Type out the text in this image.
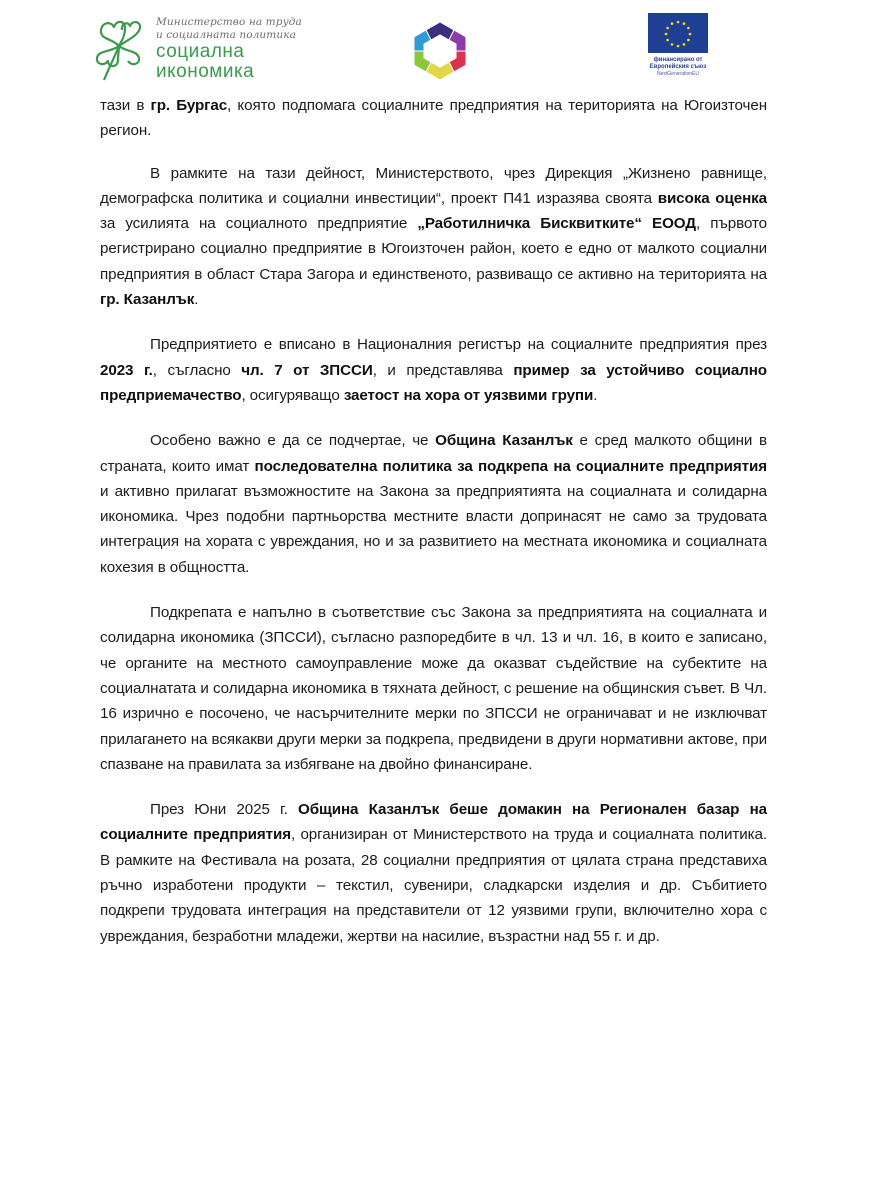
Министерство на труда
и социалната политика
социална
икономика
финансирано от
Европейския съюз
NextGenerationEU

тази в гр. Бургас, която подпомага социалните предприятия на територията на Югоизточен регион.

В рамките на тази дейност, Министерството, чрез Дирекция „Жизнено равнище, демографска политика и социални инвестиции“, проект П41 изразява своята висока оценка за усилията на социалното предприятие „Работилничка Бисквитките“ ЕООД, първото регистрирано социално предприятие в Югоизточен район, което е едно от малкото социални предприятия в област Стара Загора и единственото, развиващо се активно на територията на гр. Казанлък.

Предприятието е вписано в Националния регистър на социалните предприятия през 2023 г., съгласно чл. 7 от ЗПССИ, и представлява пример за устойчиво социално предприемачество, осигуряващо заетост на хора от уязвими групи.

Особено важно е да се подчертае, че Община Казанлък е сред малкото общини в страната, които имат последователна политика за подкрепа на социалните предприятия и активно прилагат възможностите на Закона за предприятията на социалната и солидарна икономика. Чрез подобни партньорства местните власти допринасят не само за трудовата интеграция на хората с увреждания, но и за развитието на местната икономика и социалната кохезия в общността.

Подкрепата е напълно в съответствие със Закона за предприятията на социалната и солидарна икономика (ЗПССИ), съгласно разпоредбите в чл. 13 и чл. 16, в които е записано, че органите на местното самоуправление може да оказват съдействие на субектите на социалнатата и солидарна икономика в тяхната дейност, с решение на общинския съвет. В Чл. 16 изрично е посочено, че насърчителните мерки по ЗПССИ не ограничават и не изключват прилагането на всякакви други мерки за подкрепа, предвидени в други нормативни актове, при спазване на правилата за избягване на двойно финансиране.

През Юни 2025 г. Община Казанлък беше домакин на Регионален базар на социалните предприятия, организиран от Министерството на труда и социалната политика. В рамките на Фестивала на розата, 28 социални предприятия от цялата страна представиха ръчно изработени продукти – текстил, сувенири, сладкарски изделия и др. Събитието подкрепи трудовата интеграция на представители от 12 уязвими групи, включително хора с увреждания, безработни младежи, жертви на насилие, възрастни над 55 г. и др.
